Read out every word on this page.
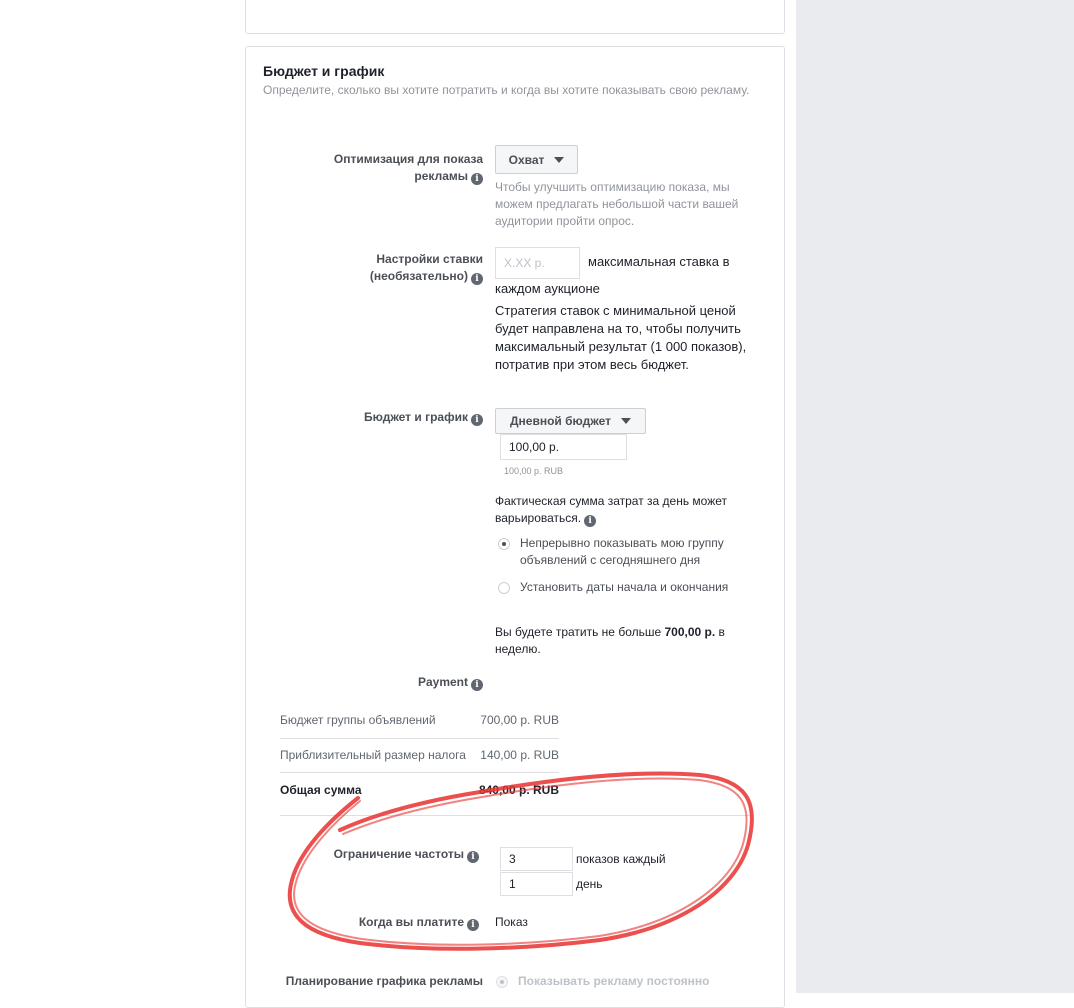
Бюджет и график
Определите, сколько вы хотите потратить и когда вы хотите показывать свою рекламу.
Оптимизация для показа рекламы i
Охват
Чтобы улучшить оптимизацию показа, мы можем предлагать небольшой части вашей аудитории пройти опрос.
Настройки ставки (необязательно) i
X.XX р.	максимальная ставка в
каждом аукционе
Стратегия ставок с минимальной ценой будет направлена на то, чтобы получить максимальный результат (1 000 показов), потратив при этом весь бюджет.
Бюджет и график i	Дневной бюджет
100,00 р.
100,00 р. RUB
Фактическая сумма затрат за день может варьироваться. i
Непрерывно показывать мою группу объявлений с сегодняшнего дня
Установить даты начала и окончания
Вы будете тратить не больше 700,00 р. в неделю.
Payment i
Бюджет группы объявлений	700,00 р. RUB
Приблизительный размер налога	140,00 р. RUB
Общая сумма	840,00 р. RUB
Ограничение частоты i	3	показов каждый
1	день
Когда вы платите i	Показ
Планирование графика рекламы	Показывать рекламу постоянно
